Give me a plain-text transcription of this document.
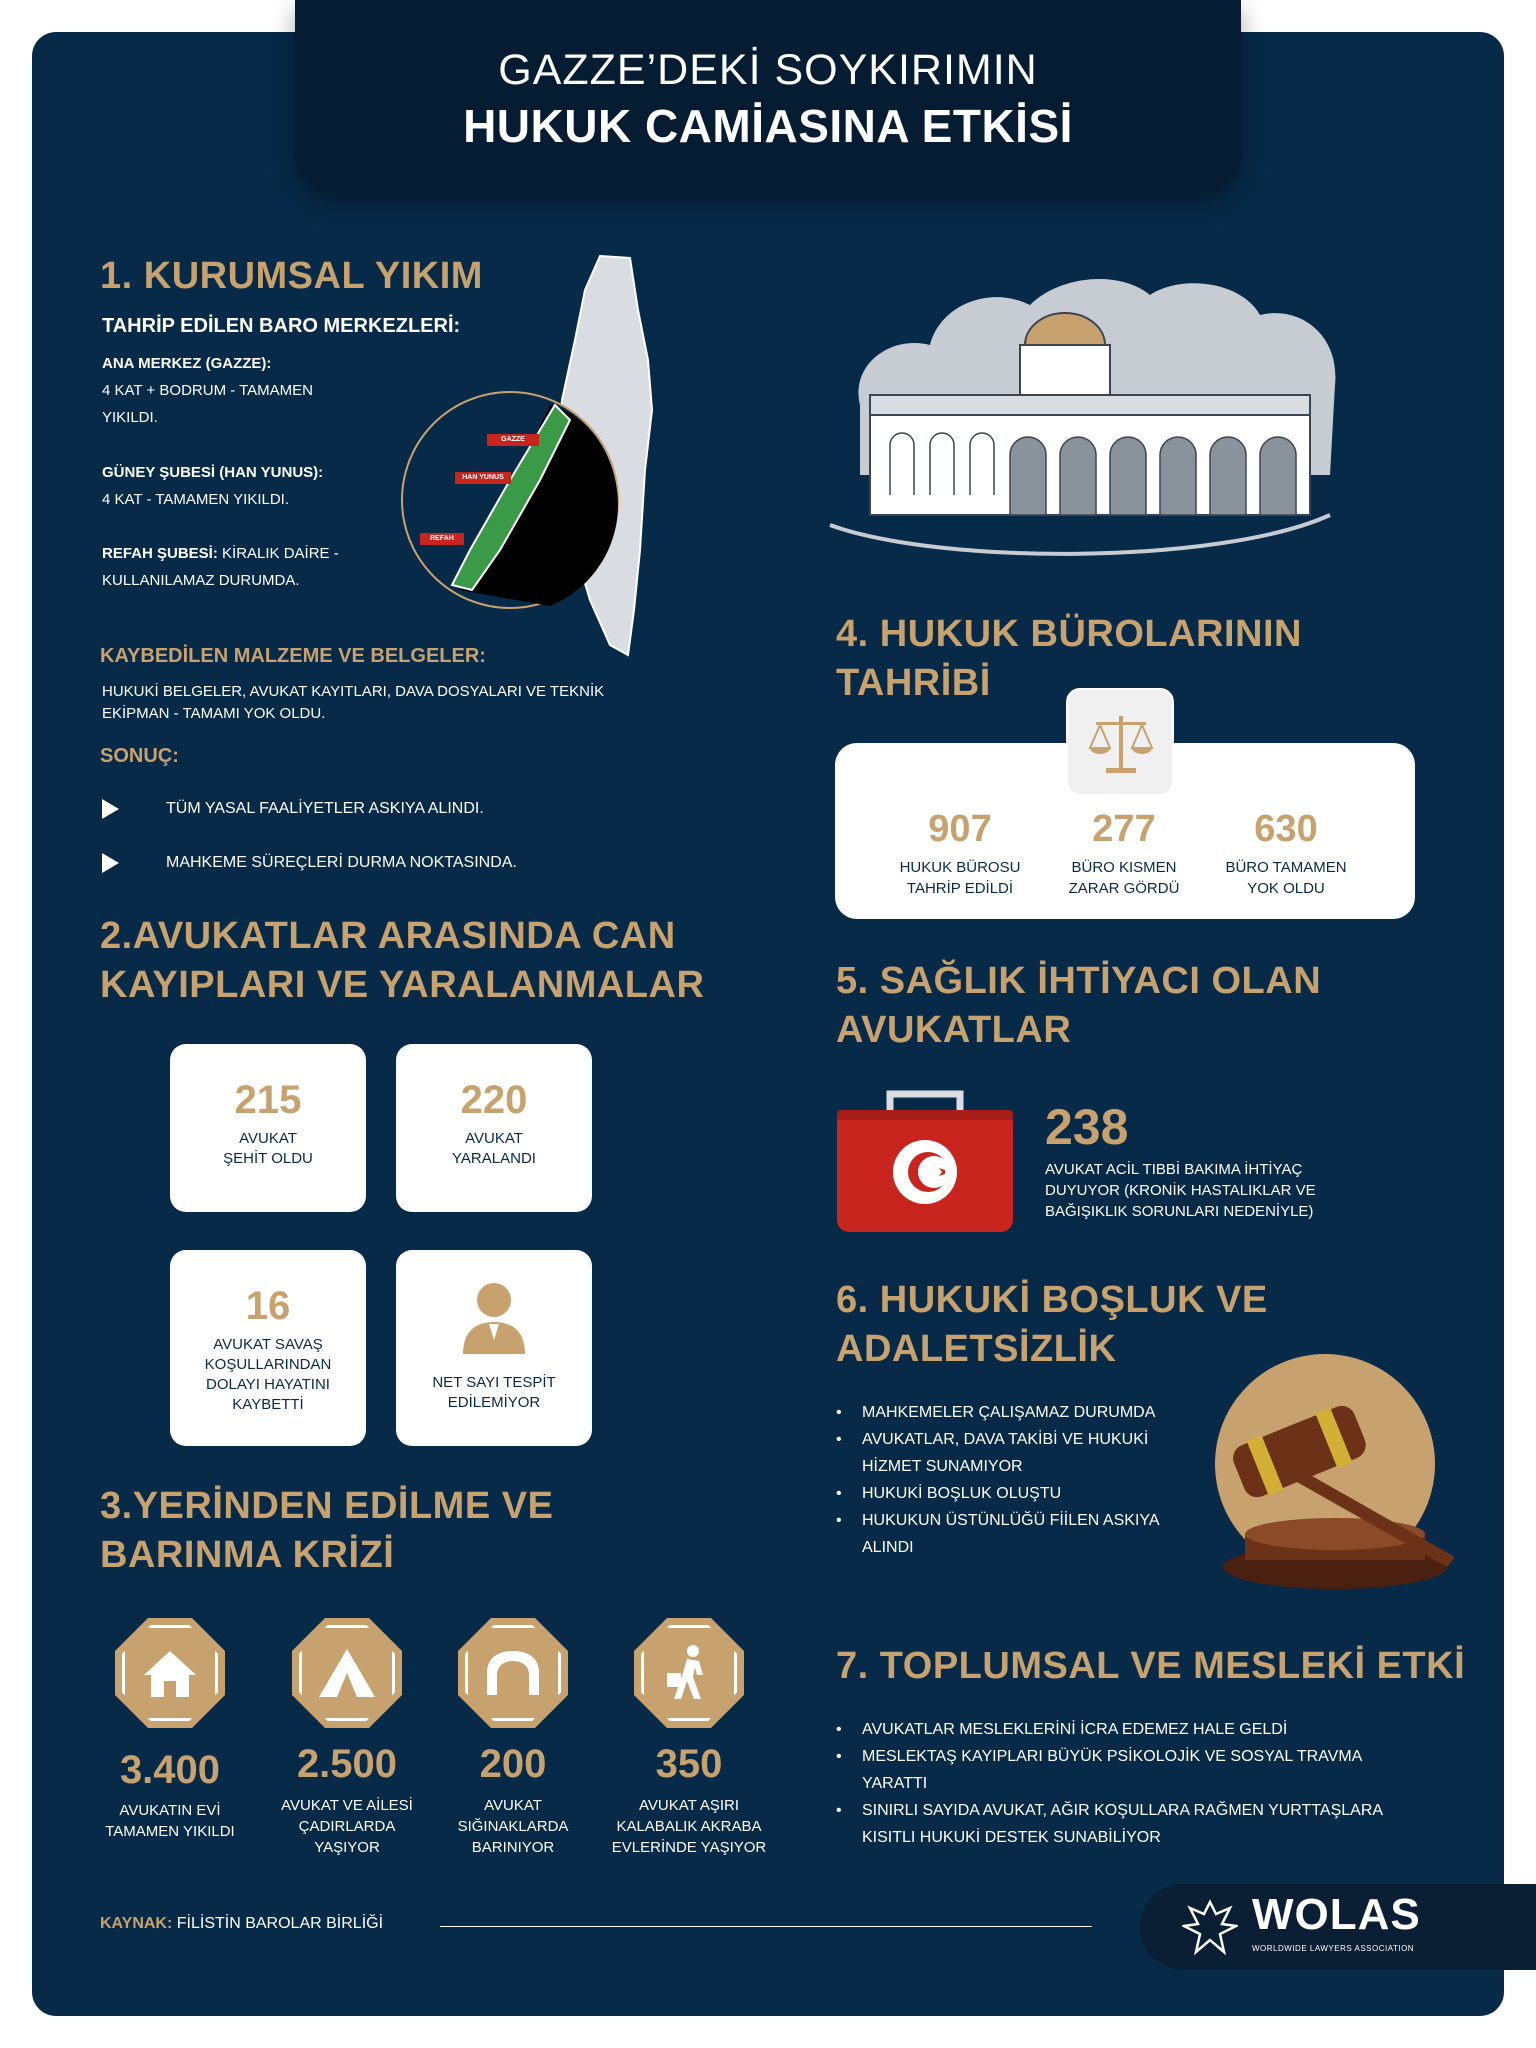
GAZZE’DEKİ SOYKIRIMIN
HUKUK CAMİASINA ETKİSİ
1. KURUMSAL YIKIM
TAHRİP EDİLEN BARO MERKEZLERİ:
ANA MERKEZ (GAZZE):
4 KAT + BODRUM - TAMAMEN
YIKILDI.
GÜNEY ŞUBESİ (HAN YUNUS):
4 KAT - TAMAMEN YIKILDI.
REFAH ŞUBESİ: KİRALIK DAİRE -
KULLANILAMAZ DURUMDA.
GAZZE
HAN YUNUS
REFAH
KAYBEDİLEN MALZEME VE BELGELER:
HUKUKİ BELGELER, AVUKAT KAYITLARI, DAVA DOSYALARI VE TEKNİK
EKİPMAN - TAMAMI YOK OLDU.
SONUÇ:
TÜM YASAL FAALİYETLER ASKIYA ALINDI.
MAHKEME SÜREÇLERİ DURMA NOKTASINDA.
2.AVUKATLAR ARASINDA CAN
KAYIPLARI VE YARALANMALAR
215
AVUKAT
ŞEHİT OLDU
220
AVUKAT
YARALANDI
16
AVUKAT SAVAŞ
KOŞULLARINDAN
DOLAYI HAYATINI
KAYBETTİ
NET SAYI TESPİT
EDİLEMİYOR
3.YERİNDEN EDİLME VE
BARINMA KRİZİ
3.400
AVUKATIN EVİ
TAMAMEN YIKILDI
2.500
AVUKAT VE AİLESİ
ÇADIRLARDA
YAŞIYOR
200
AVUKAT
SIĞINAKLARDA
BARINIYOR
350
AVUKAT AŞIRI
KALABALIK AKRABA
EVLERİNDE YAŞIYOR
KAYNAK: FİLİSTİN BAROLAR BİRLİĞİ
4. HUKUK BÜROLARININ
TAHRİBİ
907
HUKUK BÜROSU
TAHRİP EDİLDİ
277
BÜRO KISMEN
ZARAR GÖRDÜ
630
BÜRO TAMAMEN
YOK OLDU
5. SAĞLIK İHTİYACI OLAN
AVUKATLAR
238
AVUKAT ACİL TIBBİ BAKIMA İHTİYAÇ
DUYUYOR (KRONİK HASTALIKLAR VE
BAĞIŞIKLIK SORUNLARI NEDENİYLE)
6. HUKUKİ BOŞLUK VE
ADALETSİZLİK
• MAHKEMELER ÇALIŞAMAZ DURUMDA
• AVUKATLAR, DAVA TAKİBİ VE HUKUKİ HİZMET SUNAMIYOR
• HUKUKİ BOŞLUK OLUŞTU
• HUKUKUN ÜSTÜNLÜĞÜ FİİLEN ASKIYA ALINDI
7. TOPLUMSAL VE MESLEKİ ETKİ
• AVUKATLAR MESLEKLERİNİ İCRA EDEMEZ HALE GELDİ
• MESLEKTAŞ KAYIPLARI BÜYÜK PSİKOLOJİK VE SOSYAL TRAVMA YARATTI
• SINIRLI SAYIDA AVUKAT, AĞIR KOŞULLARA RAĞMEN YURTTAŞLARA KISITLI HUKUKİ DESTEK SUNABİLİYOR
WOLAS
WORLDWIDE LAWYERS ASSOCIATION
